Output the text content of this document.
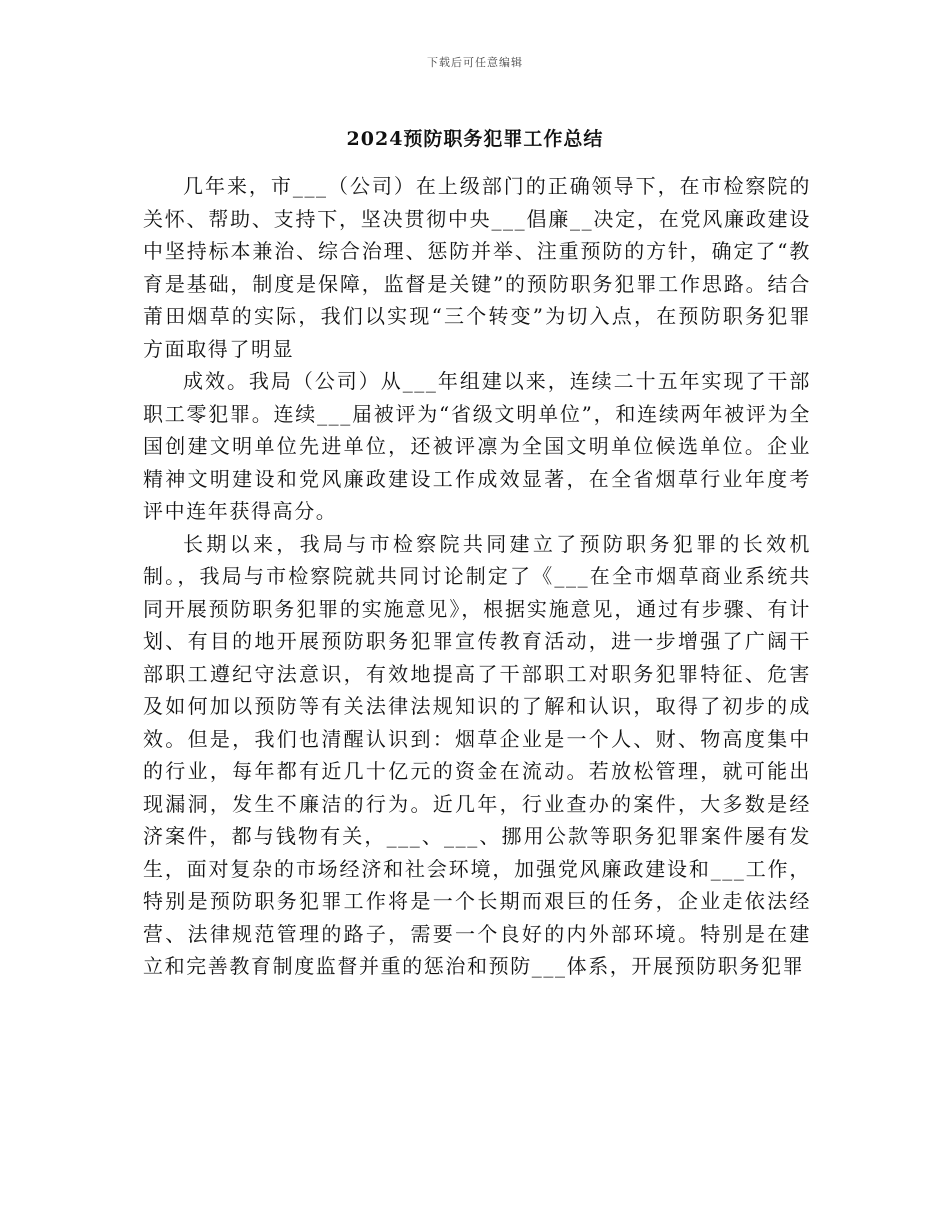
下载后可任意编辑
2024预防职务犯罪工作总结

几年来，市___（公司）在上级部门的正确领导下，在市检察院的关怀、帮助、支持下，坚决贯彻中央___倡廉__决定，在党风廉政建设中坚持标本兼治、综合治理、惩防并举、注重预防的方针，确定了“教育是基础，制度是保障，监督是关键”的预防职务犯罪工作思路。结合莆田烟草的实际，我们以实现“三个转变”为切入点，在预防职务犯罪方面取得了明显

成效。我局（公司）从___年组建以来，连续二十五年实现了干部职工零犯罪。连续___届被评为“省级文明单位”，和连续两年被评为全国创建文明单位先进单位，还被评凛为全国文明单位候选单位。企业精神文明建设和党风廉政建设工作成效显著，在全省烟草行业年度考评中连年获得高分。

长期以来，我局与市检察院共同建立了预防职务犯罪的长效机制。，我局与市检察院就共同讨论制定了《___在全市烟草商业系统共同开展预防职务犯罪的实施意见》，根据实施意见，通过有步骤、有计划、有目的地开展预防职务犯罪宣传教育活动，进一步增强了广阔干部职工遵纪守法意识，有效地提高了干部职工对职务犯罪特征、危害及如何加以预防等有关法律法规知识的了解和认识，取得了初步的成效。但是，我们也清醒认识到：烟草企业是一个人、财、物高度集中的行业，每年都有近几十亿元的资金在流动。若放松管理，就可能出现漏洞，发生不廉洁的行为。近几年，行业查办的案件，大多数是经济案件，都与钱物有关，___、___、挪用公款等职务犯罪案件屡有发生，面对复杂的市场经济和社会环境，加强党风廉政建设和___工作，特别是预防职务犯罪工作将是一个长期而艰巨的任务，企业走依法经营、法律规范管理的路子，需要一个良好的内外部环境。特别是在建立和完善教育制度监督并重的惩治和预防___体系，开展预防职务犯罪
